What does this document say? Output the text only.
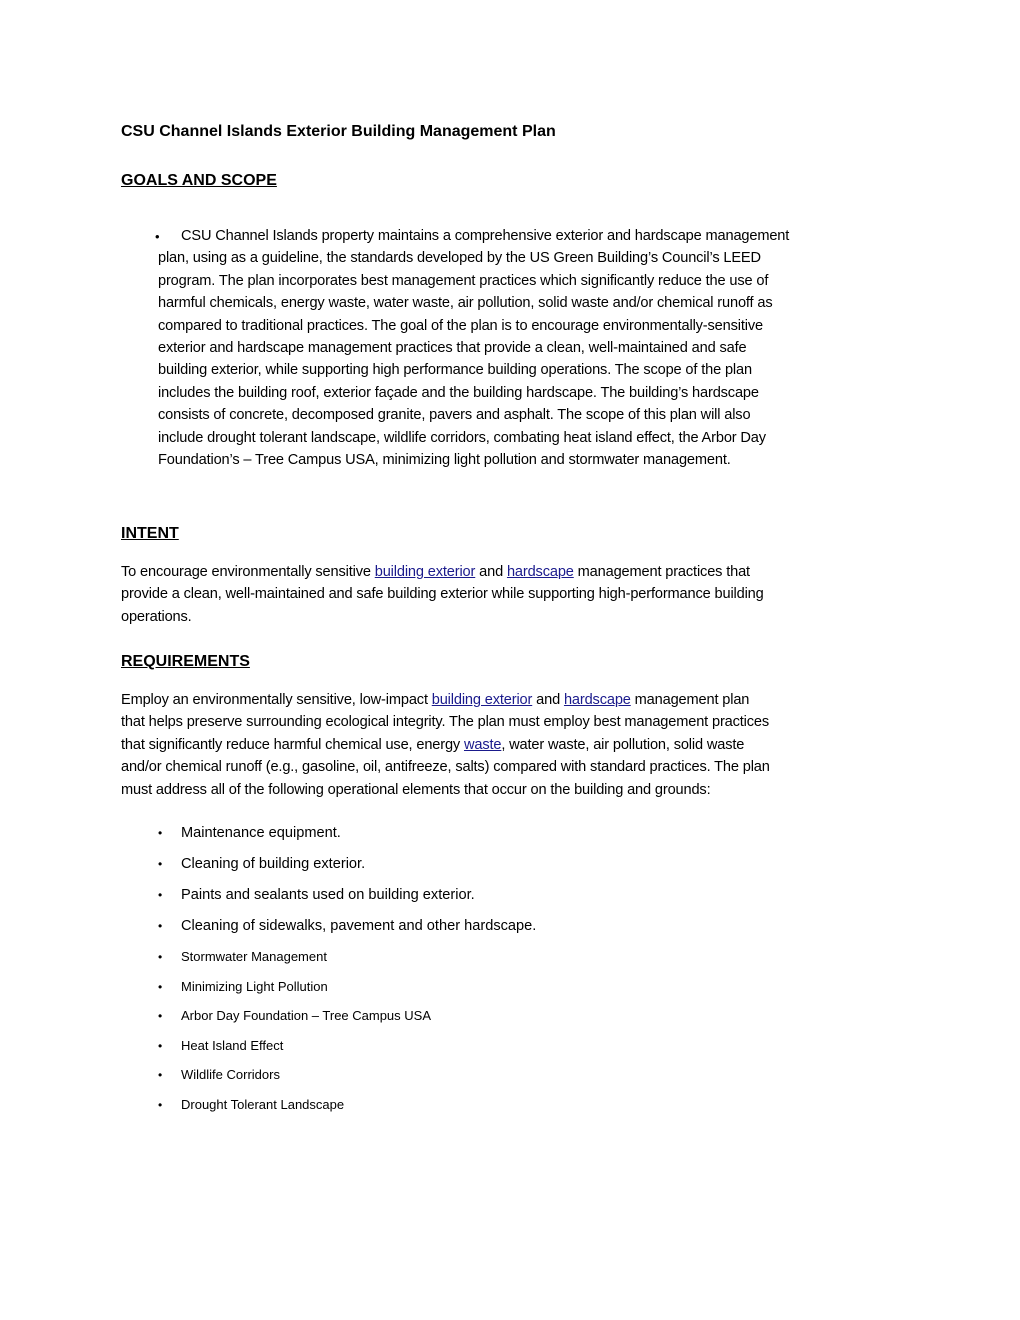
CSU Channel Islands Exterior Building Management Plan
GOALS AND SCOPE
•	CSU Channel Islands property maintains a comprehensive exterior and hardscape management
plan, using as a guideline, the standards developed by the US Green Building’s Council’s LEED
program. The plan incorporates best management practices which significantly reduce the use of
harmful chemicals, energy waste, water waste, air pollution, solid waste and/or chemical runoff as
compared to traditional practices. The goal of the plan is to encourage environmentally-sensitive
exterior and hardscape management practices that provide a clean, well-maintained and safe
building exterior, while supporting high performance building operations. The scope of the plan
includes the building roof, exterior façade and the building hardscape. The building’s hardscape
consists of concrete, decomposed granite, pavers and asphalt. The scope of this plan will also
include drought tolerant landscape, wildlife corridors, combating heat island effect, the Arbor Day
Foundation’s – Tree Campus USA, minimizing light pollution and stormwater management.
INTENT
To encourage environmentally sensitive building exterior and hardscape management practices that
provide a clean, well-maintained and safe building exterior while supporting high-performance building
operations.
REQUIREMENTS
Employ an environmentally sensitive, low-impact building exterior and hardscape management plan
that helps preserve surrounding ecological integrity. The plan must employ best management practices
that significantly reduce harmful chemical use, energy waste, water waste, air pollution, solid waste
and/or chemical runoff (e.g., gasoline, oil, antifreeze, salts) compared with standard practices. The plan
must address all of the following operational elements that occur on the building and grounds:
• Maintenance equipment.
• Cleaning of building exterior.
• Paints and sealants used on building exterior.
• Cleaning of sidewalks, pavement and other hardscape.
• Stormwater Management
• Minimizing Light Pollution
• Arbor Day Foundation – Tree Campus USA
• Heat Island Effect
• Wildlife Corridors
• Drought Tolerant Landscape
